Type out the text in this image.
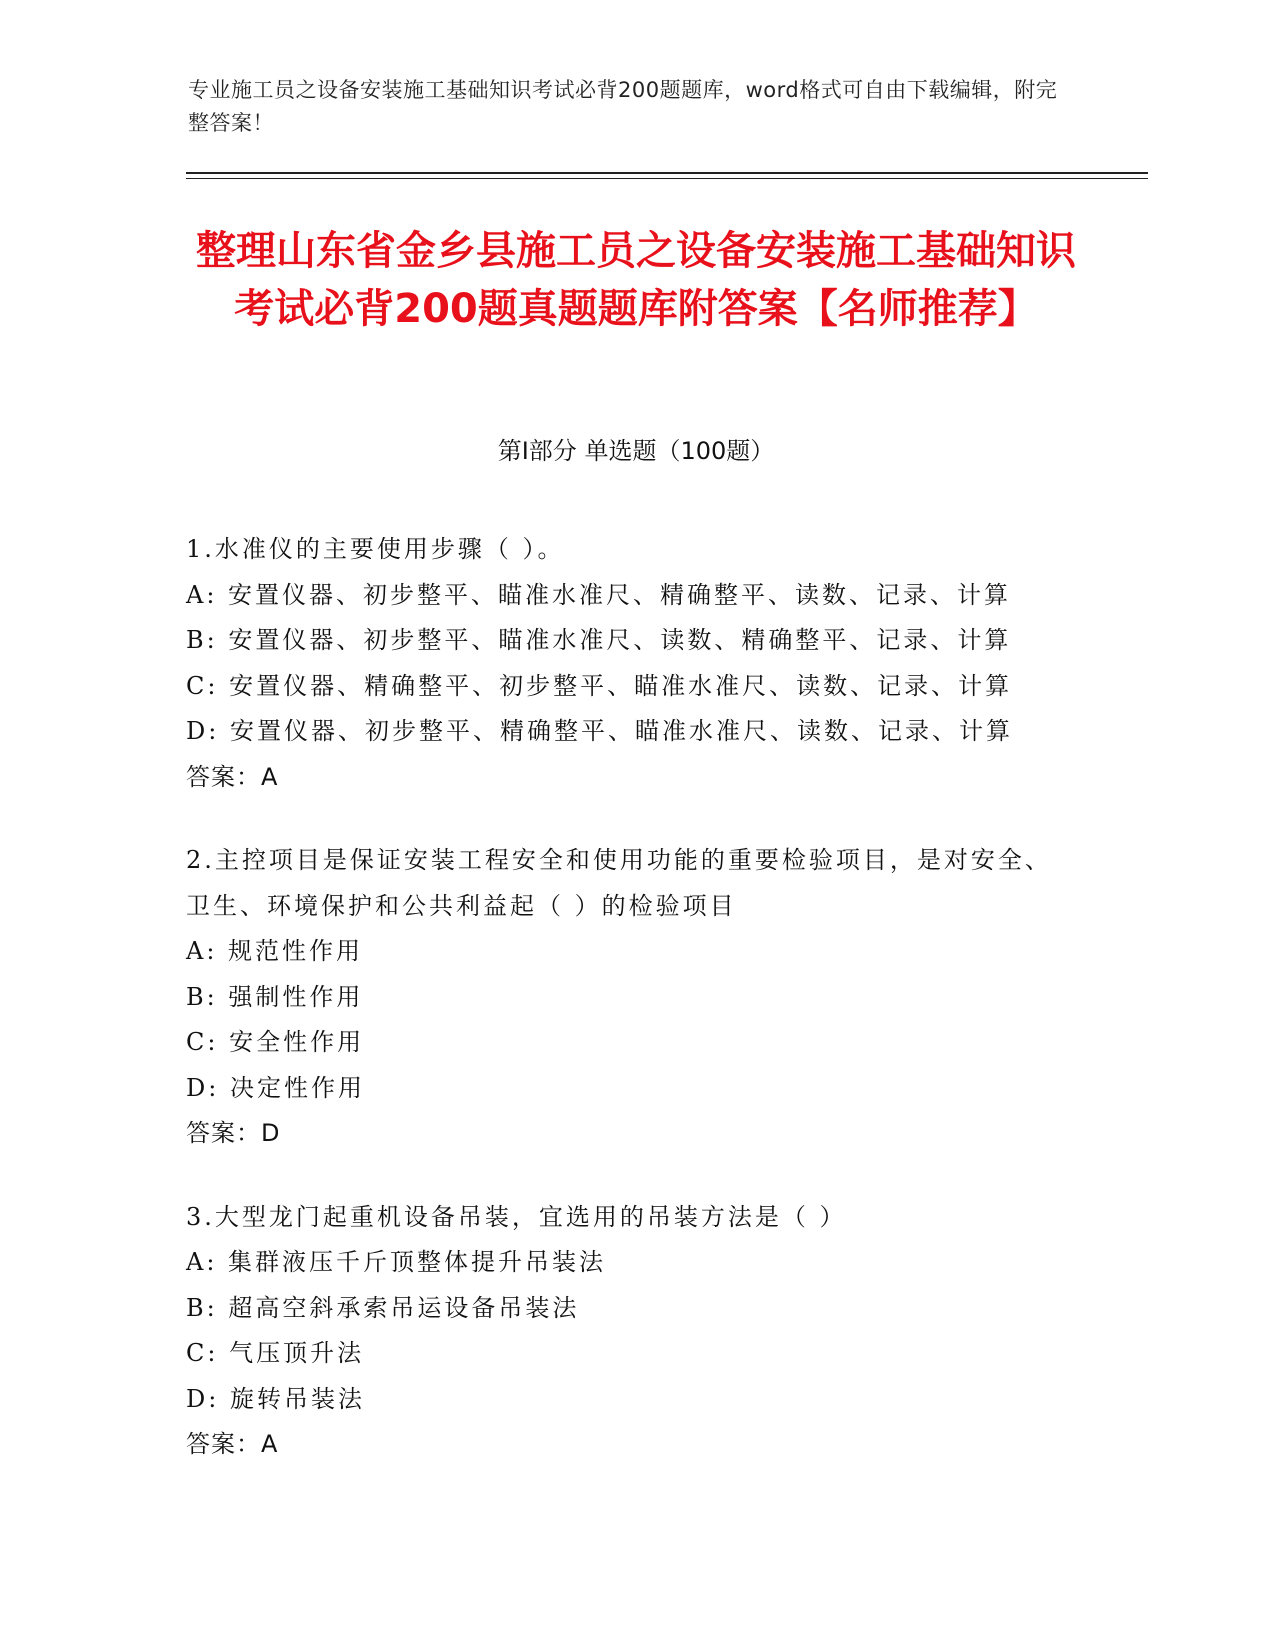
专业施工员之设备安装施工基础知识考试必背200题题库，word格式可自由下载编辑，附完整答案！
整理山东省金乡县施工员之设备安装施工基础知识考试必背200题真题题库附答案【名师推荐】
第Ⅰ部分 单选题（100题）
1.水准仪的主要使用步骤（ ）。
A: 安置仪器、初步整平、瞄准水准尺、精确整平、读数、记录、计算
B: 安置仪器、初步整平、瞄准水准尺、读数、精确整平、记录、计算
C: 安置仪器、精确整平、初步整平、瞄准水准尺、读数、记录、计算
D: 安置仪器、初步整平、精确整平、瞄准水准尺、读数、记录、计算
答案：A
2.主控项目是保证安装工程安全和使用功能的重要检验项目，是对安全、卫生、环境保护和公共利益起（ ）的检验项目
A: 规范性作用
B: 强制性作用
C: 安全性作用
D: 决定性作用
答案：D
3.大型龙门起重机设备吊装，宜选用的吊装方法是（ ）
A: 集群液压千斤顶整体提升吊装法
B: 超高空斜承索吊运设备吊装法
C: 气压顶升法
D: 旋转吊装法
答案：A
